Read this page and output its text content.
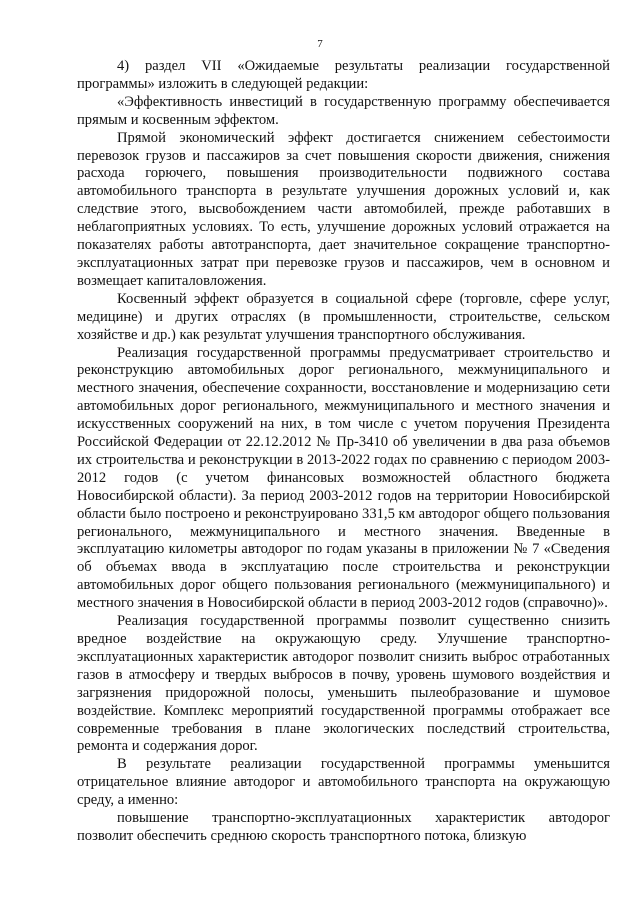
7

4) раздел VII «Ожидаемые результаты реализации государственной программы» изложить в следующей редакции:

«Эффективность инвестиций в государственную программу обеспечивается прямым и косвенным эффектом.

Прямой экономический эффект достигается снижением себестоимости перевозок грузов и пассажиров за счет повышения скорости движения, снижения расхода горючего, повышения производительности подвижного состава автомобильного транспорта в результате улучшения дорожных условий и, как следствие этого, высвобождением части автомобилей, прежде работавших в неблагоприятных условиях. То есть, улучшение дорожных условий отражается на показателях работы автотранспорта, дает значительное сокращение транспортно-эксплуатационных затрат при перевозке грузов и пассажиров, чем в основном и возмещает капиталовложения.

Косвенный эффект образуется в социальной сфере (торговле, сфере услуг, медицине) и других отраслях (в промышленности, строительстве, сельском хозяйстве и др.) как результат улучшения транспортного обслуживания.

Реализация государственной программы предусматривает строительство и реконструкцию автомобильных дорог регионального, межмуниципального и местного значения, обеспечение сохранности, восстановление и модернизацию сети автомобильных дорог регионального, межмуниципального и местного значения и искусственных сооружений на них, в том числе с учетом поручения Президента Российской Федерации от 22.12.2012 № Пр-3410 об увеличении в два раза объемов их строительства и реконструкции в 2013-2022 годах по сравнению с периодом 2003-2012 годов (с учетом финансовых возможностей областного бюджета Новосибирской области). За период 2003-2012 годов на территории Новосибирской области было построено и реконструировано 331,5 км автодорог общего пользования регионального, межмуниципального и местного значения. Введенные в эксплуатацию километры автодорог по годам указаны в приложении № 7 «Сведения об объемах ввода в эксплуатацию после строительства и реконструкции автомобильных дорог общего пользования регионального (межмуниципального) и местного значения в Новосибирской области в период 2003-2012 годов (справочно)».

Реализация государственной программы позволит существенно снизить вредное воздействие на окружающую среду. Улучшение транспортно-эксплуатационных характеристик автодорог позволит снизить выброс отработанных газов в атмосферу и твердых выбросов в почву, уровень шумового воздействия и загрязнения придорожной полосы, уменьшить пылеобразование и шумовое воздействие. Комплекс мероприятий государственной программы отображает все современные требования в плане экологических последствий строительства, ремонта и содержания дорог.

В результате реализации государственной программы уменьшится отрицательное влияние автодорог и автомобильного транспорта на окружающую среду, а именно:

повышение транспортно-эксплуатационных характеристик автодорог позволит обеспечить среднюю скорость транспортного потока, близкую
